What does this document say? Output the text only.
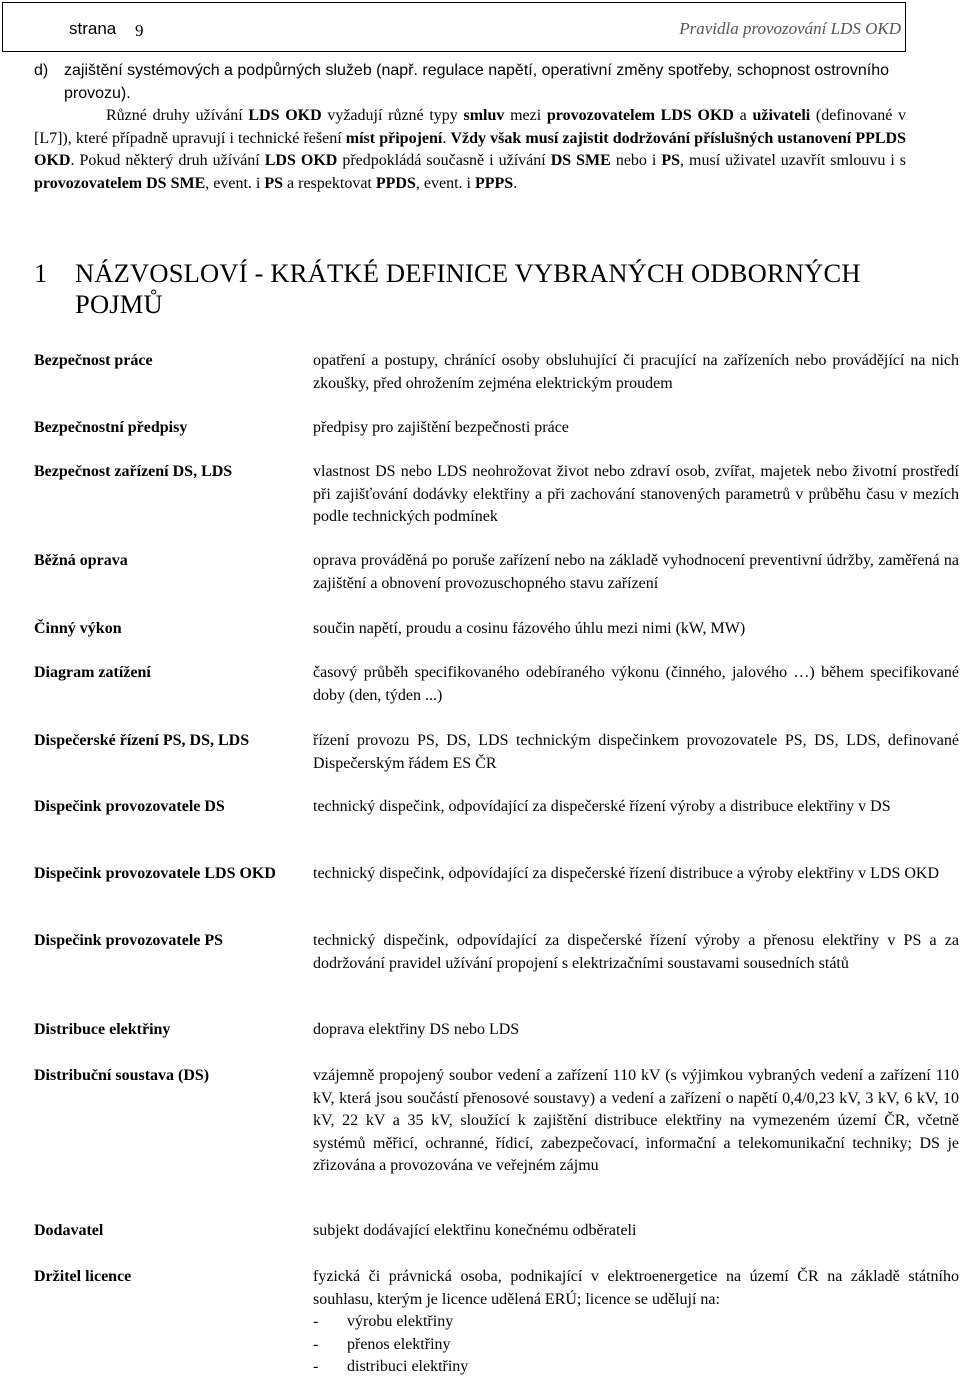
strana 9	Pravidla provozování LDS OKD
d) zajištění systémových a podpůrných služeb (např. regulace napětí, operativní změny spotřeby, schopnost ostrovního provozu).
Různé druhy užívání LDS OKD vyžadují různé typy smluv mezi provozovatelem LDS OKD a uživateli (definované v [L7]), které případně upravují i technické řešení míst připojení. Vždy však musí zajistit dodržování příslušných ustanovení PPLDS OKD. Pokud některý druh užívání LDS OKD předpokládá současně i užívání DS SME nebo i PS, musí uživatel uzavřít smlouvu i s provozovatelem DS SME, event. i PS a respektovat PPDS, event. i PPPS.
1	NÁZVOSLOVÍ - KRÁTKÉ DEFINICE VYBRANÝCH ODBORNÝCH POJMŮ
Bezpečnost práce	opatření a postupy, chránící osoby obsluhující či pracující na zařízeních nebo provádějící na nich zkoušky, před ohrožením zejména elektrickým proudem
Bezpečnostní předpisy	předpisy pro zajištění bezpečnosti práce
Bezpečnost zařízení DS, LDS	vlastnost DS nebo LDS neohrožovat život nebo zdraví osob, zvířat, majetek nebo životní prostředí při zajišťování dodávky elektřiny a při zachování stanovených parametrů v průběhu času v mezích podle technických podmínek
Běžná oprava	oprava prováděná po poruše zařízení nebo na základě vyhodnocení preventivní údržby, zaměřená na zajištění a obnovení provozuschopného stavu zařízení
Činný výkon	součin napětí, proudu a cosinu fázového úhlu mezi nimi (kW, MW)
Diagram zatížení	časový průběh specifikovaného odebíraného výkonu (činného, jalového …) během specifikované doby (den, týden ...)
Dispečerské řízení PS, DS, LDS	řízení provozu PS, DS, LDS technickým dispečinkem provozovatele PS, DS, LDS, definované Dispečerským řádem ES ČR
Dispečink provozovatele DS	technický dispečink, odpovídající za dispečerské řízení výroby a distribuce elektřiny v DS
Dispečink provozovatele LDS OKD	technický dispečink, odpovídající za dispečerské řízení distribuce a výroby elektřiny v LDS OKD
Dispečink provozovatele PS	technický dispečink, odpovídající za dispečerské řízení výroby a přenosu elektřiny v PS a za dodržování pravidel užívání propojení s elektrizačními soustavami sousedních států
Distribuce elektřiny	doprava elektřiny DS nebo LDS
Distribuční soustava (DS)	vzájemně propojený soubor vedení a zařízení 110 kV (s výjimkou vybraných vedení a zařízení 110 kV, která jsou součástí přenosové soustavy) a vedení a zařízení o napětí 0,4/0,23 kV, 3 kV, 6 kV, 10 kV, 22 kV a 35 kV, sloužící k zajištění distribuce elektřiny na vymezeném území ČR, včetně systémů měřicí, ochranné, řídicí, zabezpečovací, informační a telekomunikační techniky; DS je zřizována a provozována ve veřejném zájmu
Dodavatel	subjekt dodávající elektřinu konečnému odběrateli
Držitel licence	fyzická či právnická osoba, podnikající v elektroenergetice na území ČR na základě státního souhlasu, kterým je licence udělená ERÚ; licence se udělují na:
- výrobu elektřiny
- přenos elektřiny
- distribuci elektřiny
